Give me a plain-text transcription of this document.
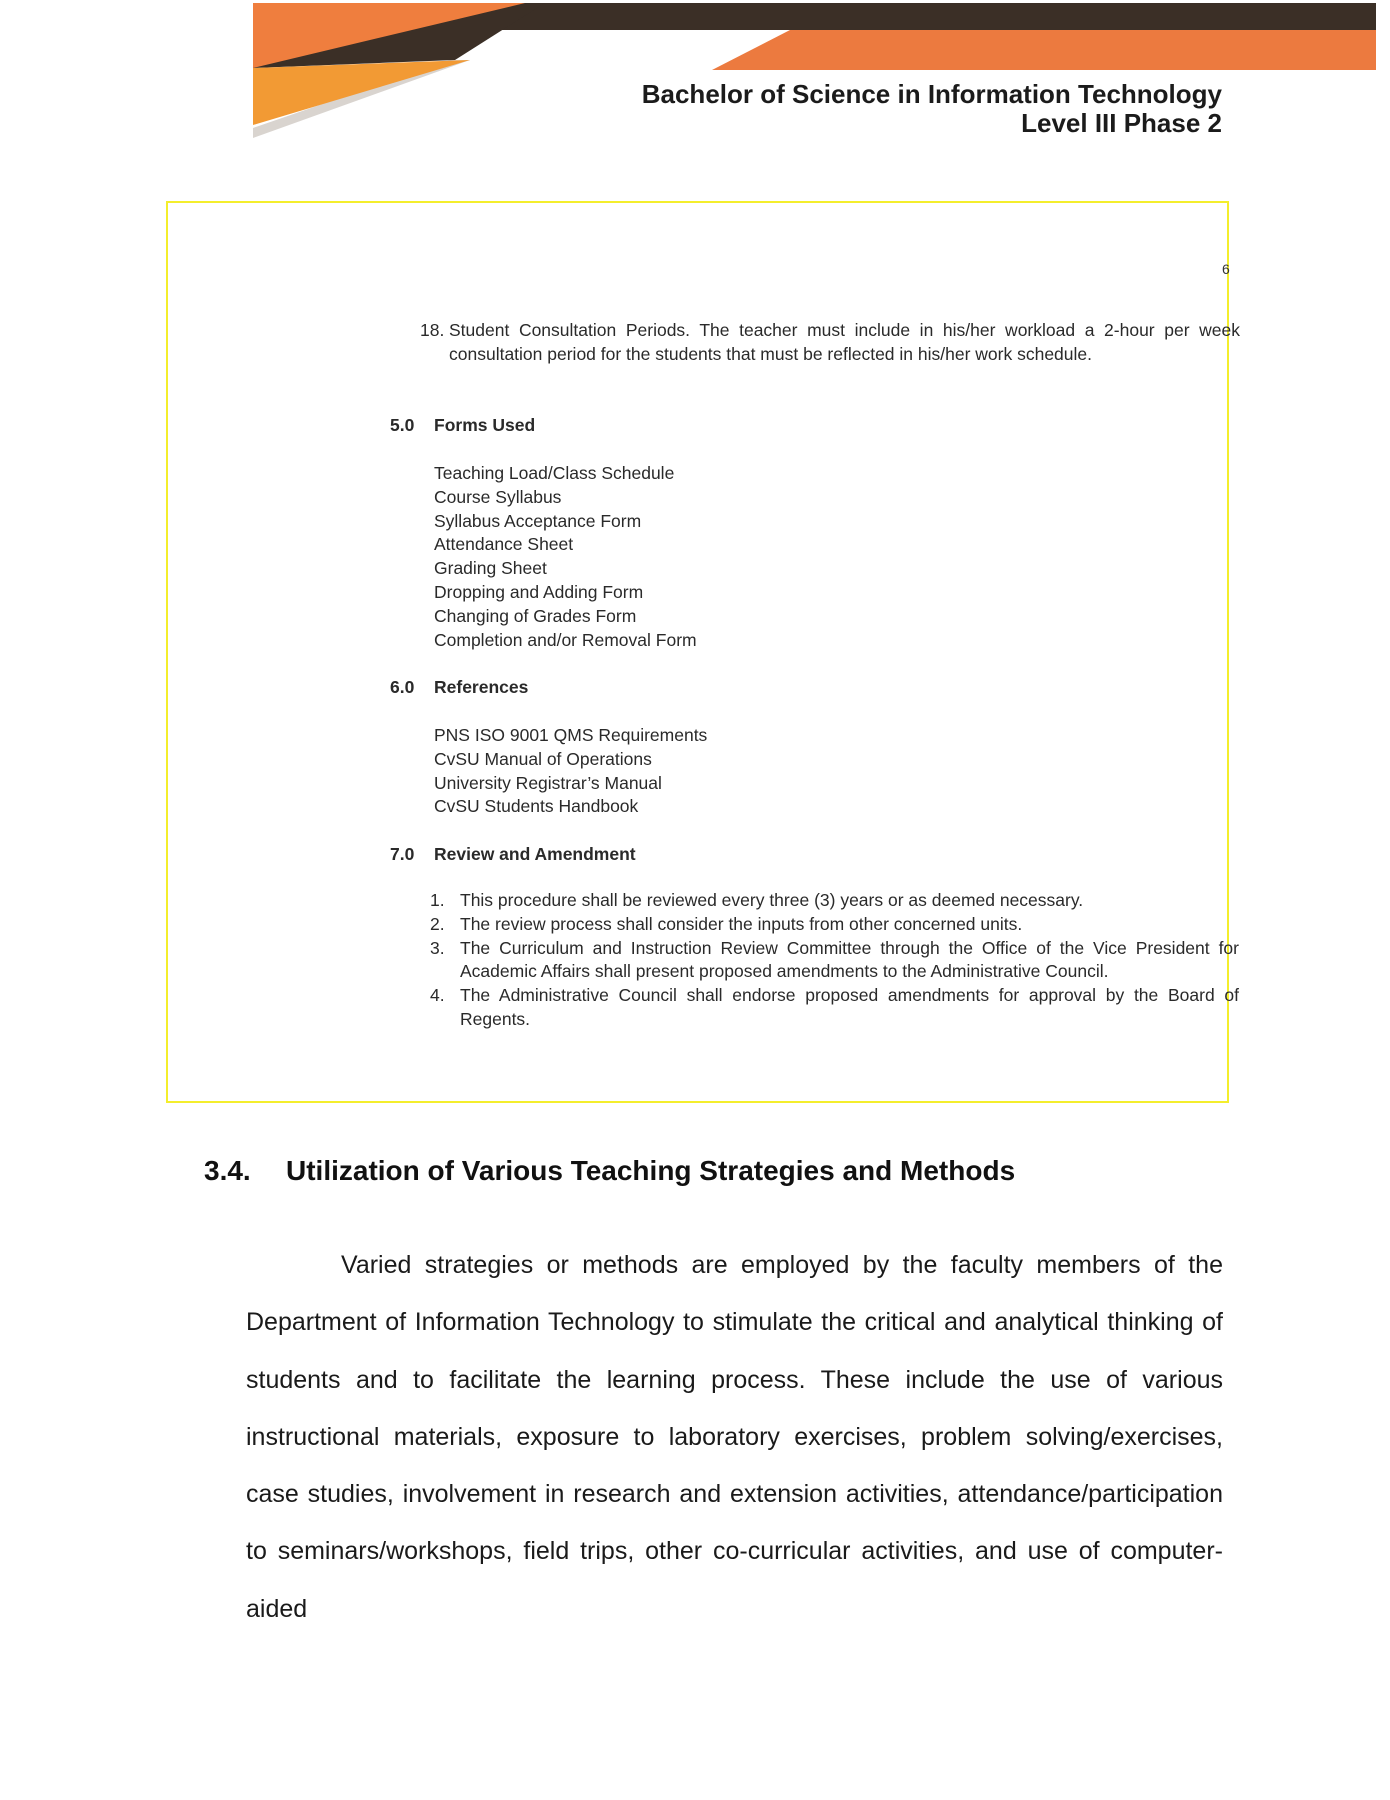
Bachelor of Science in Information Technology
Level III Phase 2
6
18. Student Consultation Periods. The teacher must include in his/her workload a 2-hour per week consultation period for the students that must be reflected in his/her work schedule.
5.0 Forms Used
Teaching Load/Class Schedule
Course Syllabus
Syllabus Acceptance Form
Attendance Sheet
Grading Sheet
Dropping and Adding Form
Changing of Grades Form
Completion and/or Removal Form
6.0 References
PNS ISO 9001 QMS Requirements
CvSU Manual of Operations
University Registrar’s Manual
CvSU Students Handbook
7.0 Review and Amendment
1. This procedure shall be reviewed every three (3) years or as deemed necessary.
2. The review process shall consider the inputs from other concerned units.
3. The Curriculum and Instruction Review Committee through the Office of the Vice President for Academic Affairs shall present proposed amendments to the Administrative Council.
4. The Administrative Council shall endorse proposed amendments for approval by the Board of Regents.
3.4. Utilization of Various Teaching Strategies and Methods
Varied strategies or methods are employed by the faculty members of the Department of Information Technology to stimulate the critical and analytical thinking of students and to facilitate the learning process. These include the use of various instructional materials, exposure to laboratory exercises, problem solving/exercises, case studies, involvement in research and extension activities, attendance/participation to seminars/workshops, field trips, other co-curricular activities, and use of computer-aided
